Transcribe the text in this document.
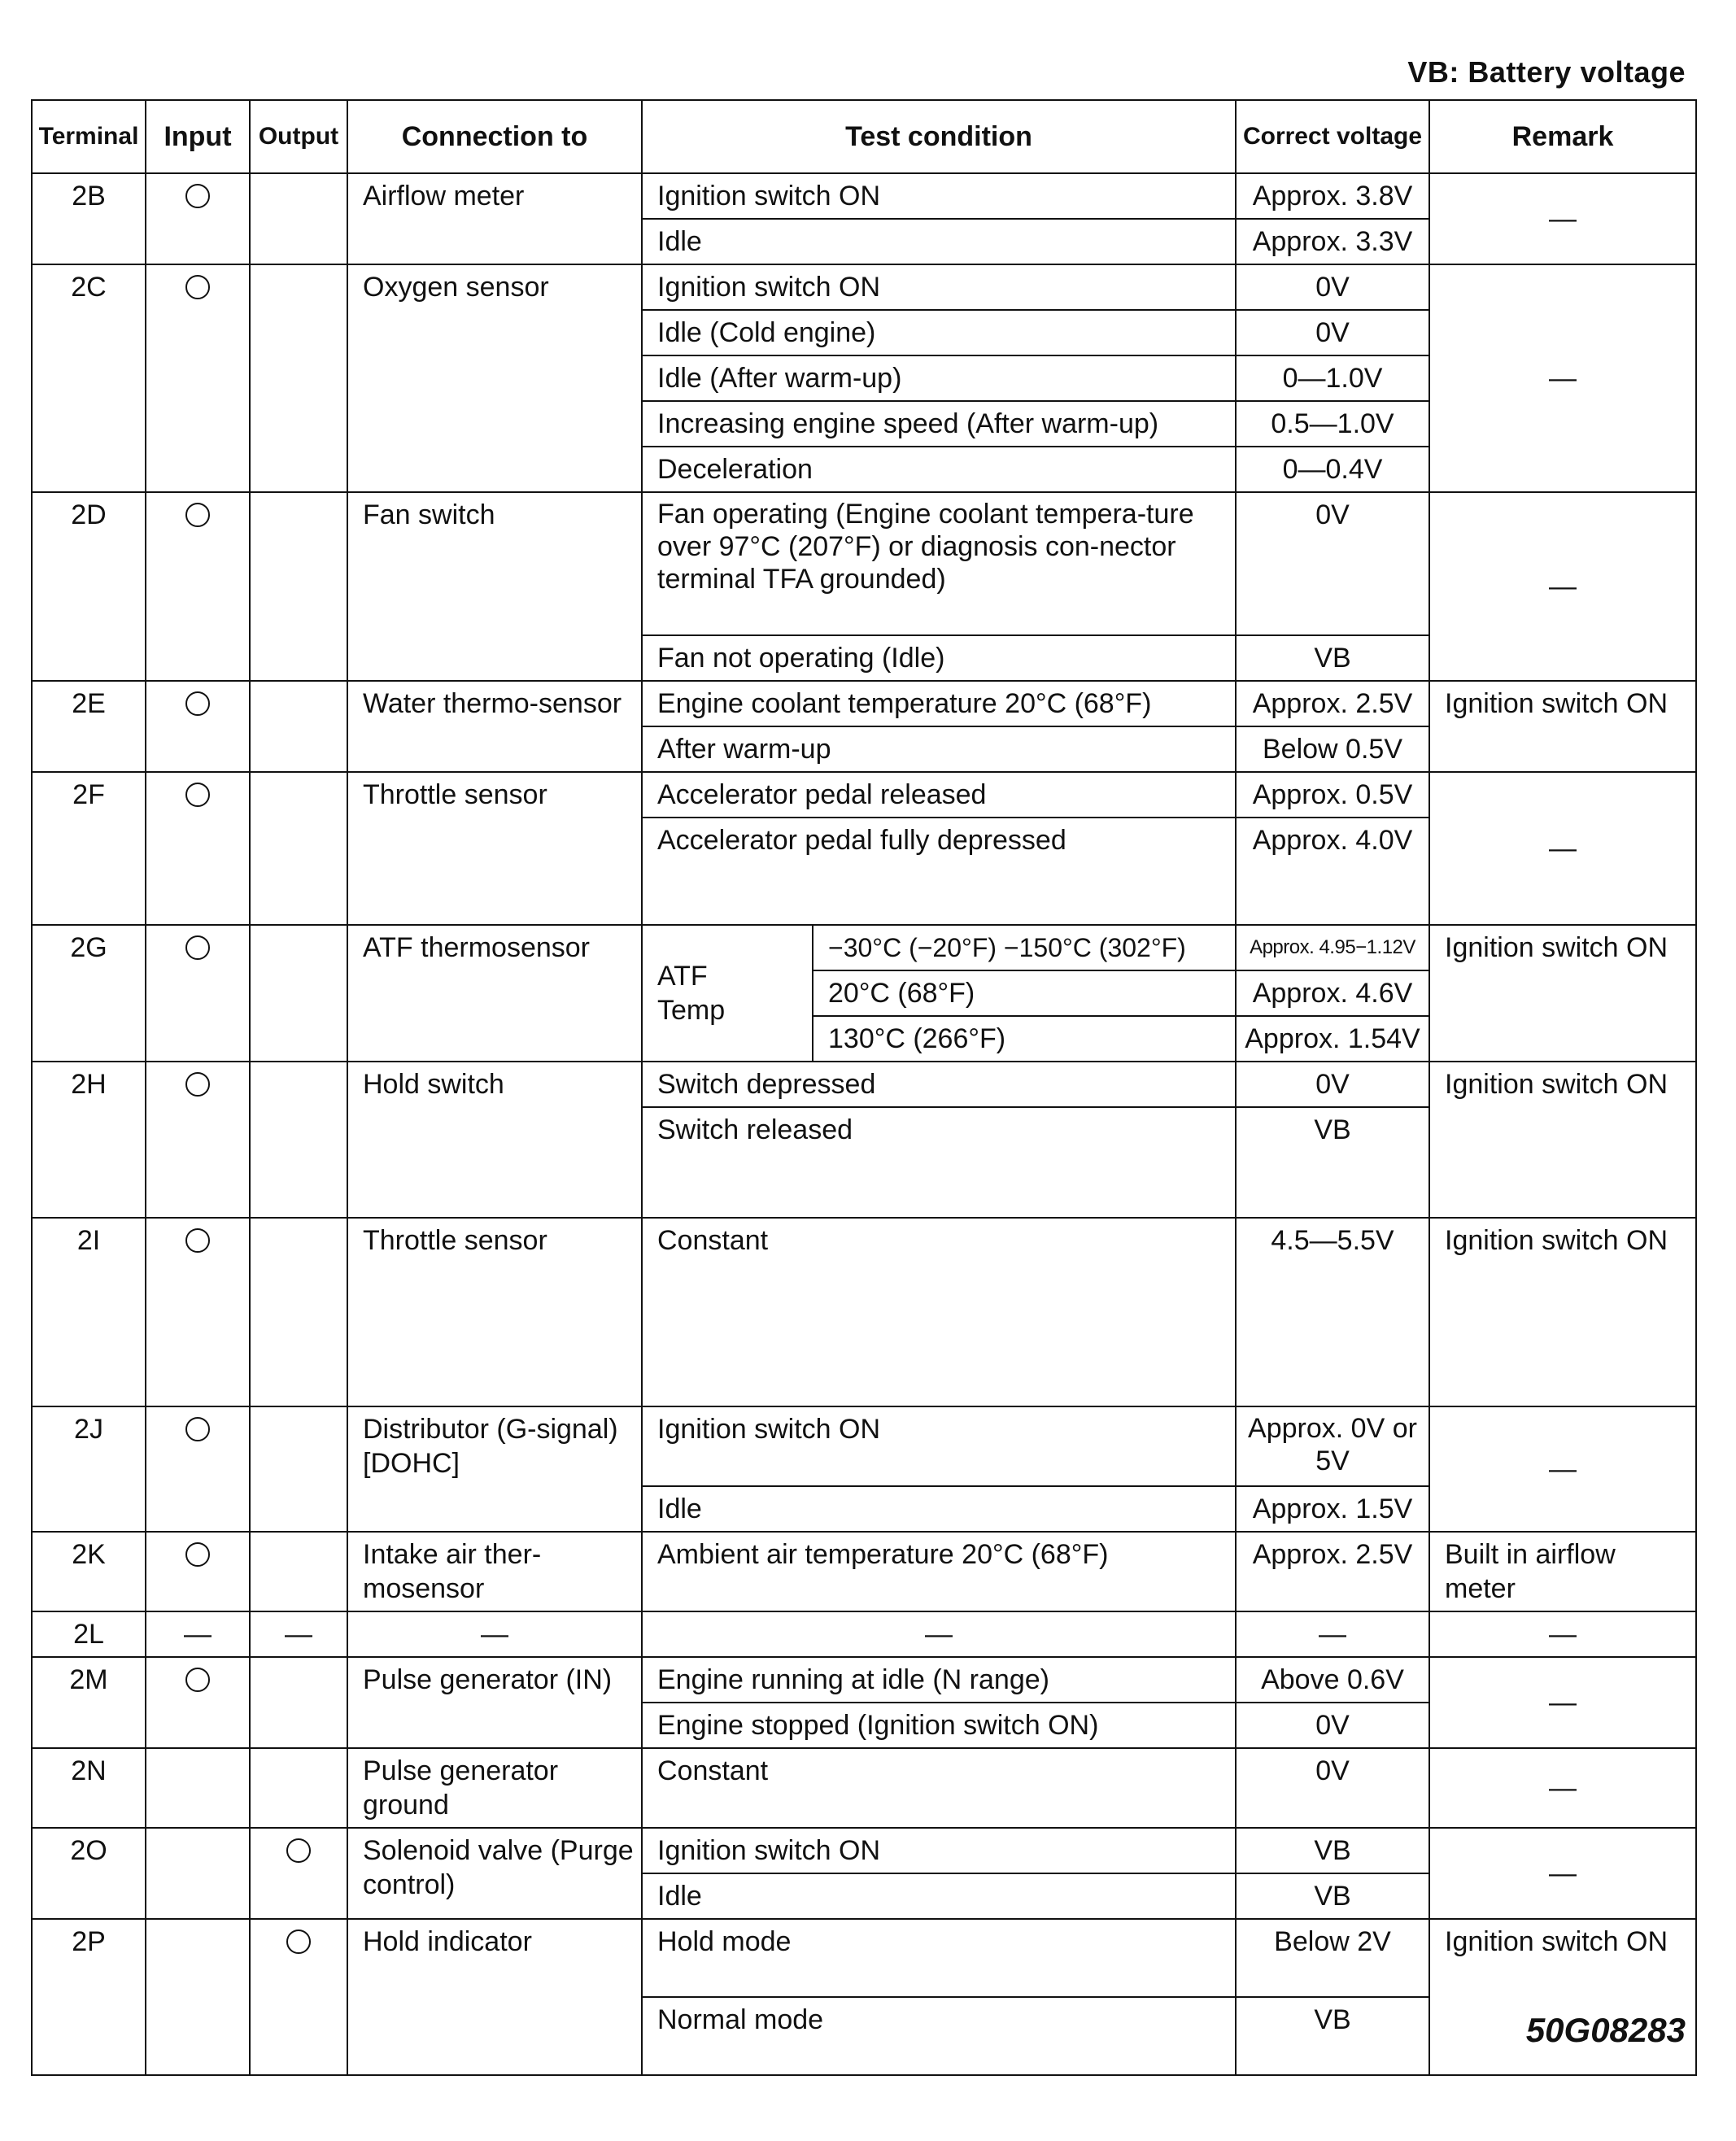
VB: Battery voltage
Terminal	Input	Output	Connection to	Test condition		Correct voltage	Remark
2B			Airflow meter	Ignition switch ON		Approx. 3.8V	—
				Idle		Approx. 3.3V	
2C			Oxygen sensor	Ignition switch ON		0V	—
				Idle (Cold engine)		0V	
				Idle (After warm-up)		0—1.0V	
				Increasing engine speed (After warm-up)		0.5—1.0V	
				Deceleration		0—0.4V	
2D			Fan switch	Fan operating (Engine coolant tempera-ture over 97°C (207°F) or diagnosis con-nector terminal TFA grounded)		0V	—
				Fan not operating (Idle)		VB	
2E			Water thermo-sensor	Engine coolant temperature 20°C (68°F)		Approx. 2.5V	Ignition switch ON
				After warm-up		Below 0.5V	
2F			Throttle sensor	Accelerator pedal released		Approx. 0.5V	—
				Accelerator pedal fully depressed		Approx. 4.0V	
2G			ATF thermosensor	ATF Temp	−30°C (−20°F) −150°C (302°F)	Approx. 4.95−1.12V	Ignition switch ON
					20°C (68°F)	Approx. 4.6V	
					130°C (266°F)	Approx. 1.54V	
2H			Hold switch	Switch depressed		0V	Ignition switch ON
				Switch released		VB	
2I			Throttle sensor	Constant		4.5—5.5V	Ignition switch ON
2J			Distributor (G-signal) [DOHC]	Ignition switch ON		Approx. 0V or 5V	—
				Idle		Approx. 1.5V	
2K			Intake air ther-mosensor	Ambient air temperature 20°C (68°F)		Approx. 2.5V	Built in airflow meter
2L	—	—	—	—		—	—
2M			Pulse generator (IN)	Engine running at idle (N range)		Above 0.6V	—
				Engine stopped (Ignition switch ON)		0V	
2N			Pulse generator ground	Constant		0V	—
2O			Solenoid valve (Purge control)	Ignition switch ON		VB	—
				Idle		VB	
2P			Hold indicator	Hold mode		Below 2V	Ignition switch ON
				Normal mode		VB		50G08283
